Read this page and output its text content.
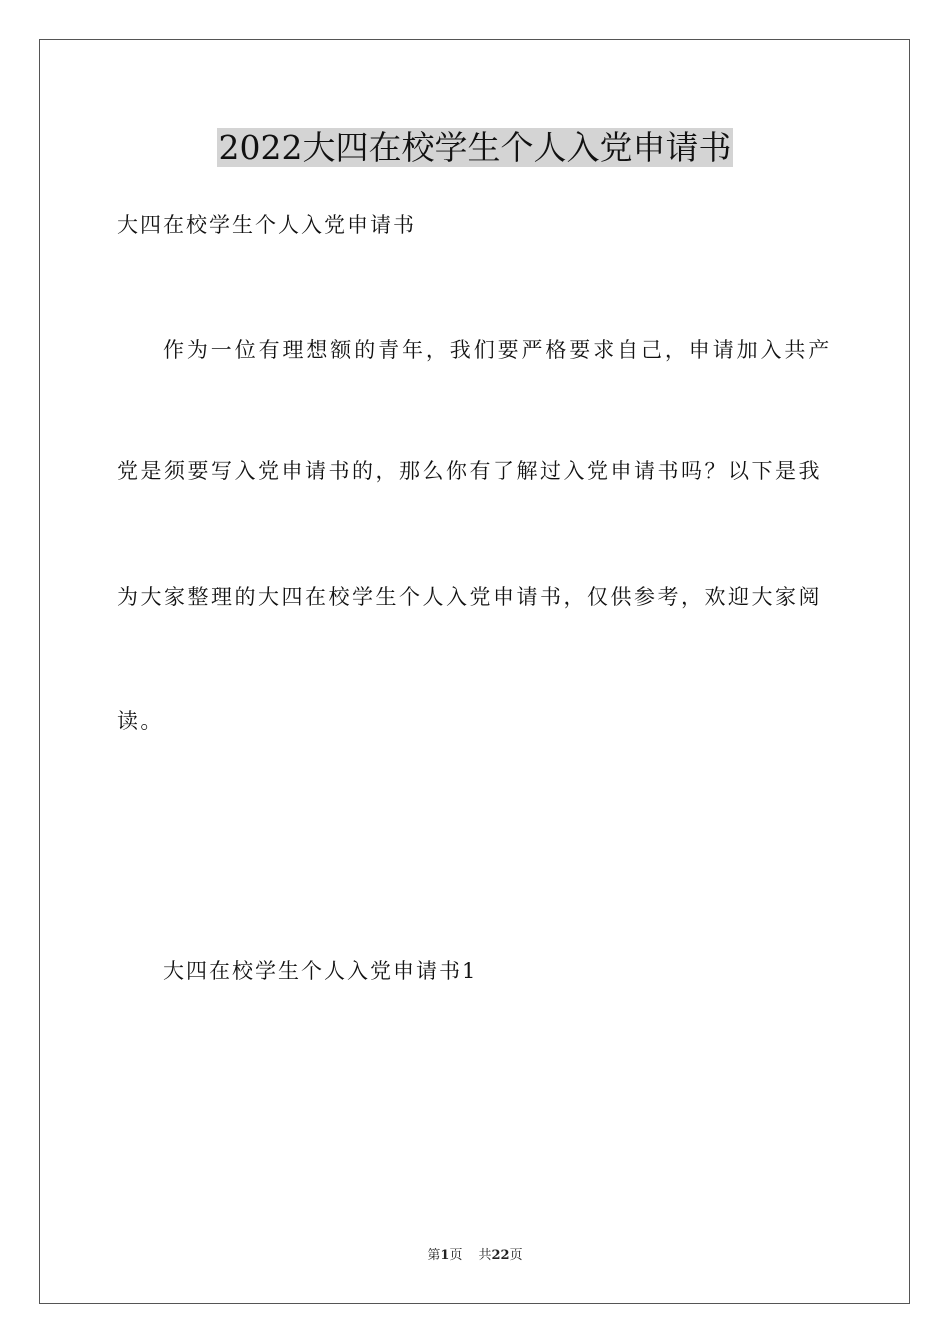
2022大四在校学生个人入党申请书

大四在校学生个人入党申请书

作为一位有理想额的青年，我们要严格要求自己，申请加入共产

党是须要写入党申请书的，那么你有了解过入党申请书吗？以下是我

为大家整理的大四在校学生个人入党申请书，仅供参考，欢迎大家阅

读。

大四在校学生个人入党申请书1

第1页 共22页
